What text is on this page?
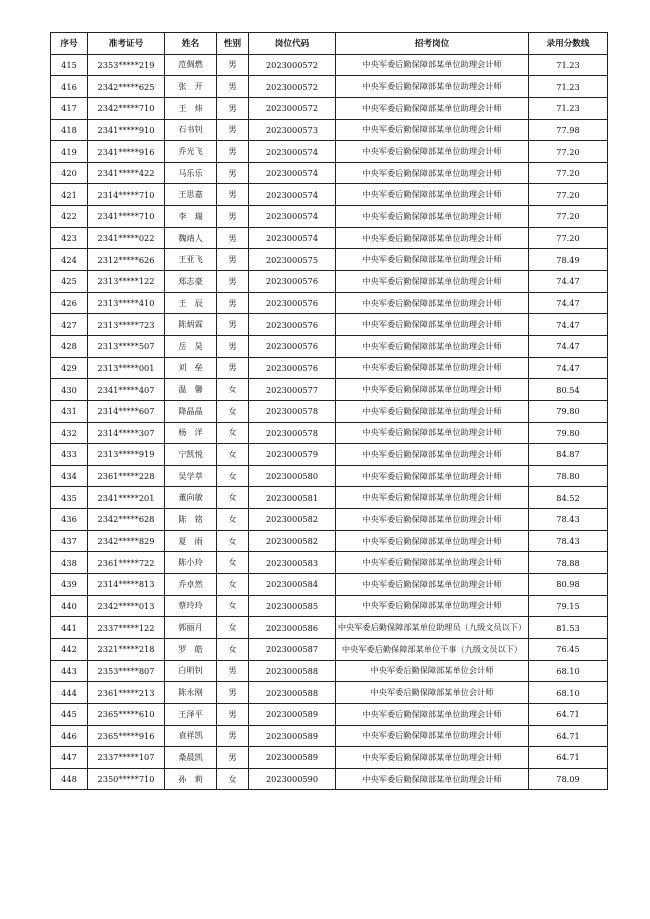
序号	准考证号	姓名	性别	岗位代码	招考岗位	录用分数线
415	2353*****219	范倜燃	男	2023000572	中央军委后勤保障部某单位助理会计师	71.23
416	2342*****625	张　开	男	2023000572	中央军委后勤保障部某单位助理会计师	71.23
417	2342*****710	王　炜	男	2023000572	中央军委后勤保障部某单位助理会计师	71.23
418	2341*****910	石书钊	男	2023000573	中央军委后勤保障部某单位助理会计师	77.98
419	2341*****916	乔光飞	男	2023000574	中央军委后勤保障部某单位助理会计师	77.20
420	2341*****422	马乐乐	男	2023000574	中央军委后勤保障部某单位助理会计师	77.20
421	2314*****710	王思嘉	男	2023000574	中央军委后勤保障部某单位助理会计师	77.20
422	2341*****710	李　瑞	男	2023000574	中央军委后勤保障部某单位助理会计师	77.20
423	2341*****022	魏靖人	男	2023000574	中央军委后勤保障部某单位助理会计师	77.20
424	2312*****626	王亚飞	男	2023000575	中央军委后勤保障部某单位助理会计师	78.49
425	2313*****122	郑志豪	男	2023000576	中央军委后勤保障部某单位助理会计师	74.47
426	2313*****410	王　辰	男	2023000576	中央军委后勤保障部某单位助理会计师	74.47
427	2313*****723	陈炳霖	男	2023000576	中央军委后勤保障部某单位助理会计师	74.47
428	2313*****507	岳　昊	男	2023000576	中央军委后勤保障部某单位助理会计师	74.47
429	2313*****001	刘　垒	男	2023000576	中央军委后勤保障部某单位助理会计师	74.47
430	2341*****407	温　馨	女	2023000577	中央军委后勤保障部某单位助理会计师	80.54
431	2314*****607	降晶晶	女	2023000578	中央军委后勤保障部某单位助理会计师	79.80
432	2314*****307	杨　洋	女	2023000578	中央军委后勤保障部某单位助理会计师	79.80
433	2313*****919	宁凯悦	女	2023000579	中央军委后勤保障部某单位助理会计师	84.87
434	2361*****228	吴学萃	女	2023000580	中央军委后勤保障部某单位助理会计师	78.80
435	2341*****201	董向敏	女	2023000581	中央军委后勤保障部某单位助理会计师	84.52
436	2342*****628	陈　铭	女	2023000582	中央军委后勤保障部某单位助理会计师	78.43
437	2342*****829	夏　雨	女	2023000582	中央军委后勤保障部某单位助理会计师	78.43
438	2361*****722	陈小玲	女	2023000583	中央军委后勤保障部某单位助理会计师	78.88
439	2314*****813	乔卓然	女	2023000584	中央军委后勤保障部某单位助理会计师	80.98
440	2342*****013	蔡玲玲	女	2023000585	中央军委后勤保障部某单位助理会计师	79.15
441	2337*****122	郭丽月	女	2023000586	中央军委后勤保障部某单位助理员（九级文员以下）	81.53
442	2321*****218	罗　皓	女	2023000587	中央军委后勤保障部某单位干事（九级文员以下）	76.45
443	2353*****807	白明钊	男	2023000588	中央军委后勤保障部某单位会计师	68.10
444	2361*****213	陈永刚	男	2023000588	中央军委后勤保障部某单位会计师	68.10
445	2365*****610	王泽平	男	2023000589	中央军委后勤保障部某单位助理会计师	64.71
446	2365*****916	袁祥凯	男	2023000589	中央军委后勤保障部某单位助理会计师	64.71
447	2337*****107	桑晨凯	男	2023000589	中央军委后勤保障部某单位助理会计师	64.71
448	2350*****710	孙　莉	女	2023000590	中央军委后勤保障部某单位助理会计师	78.09
